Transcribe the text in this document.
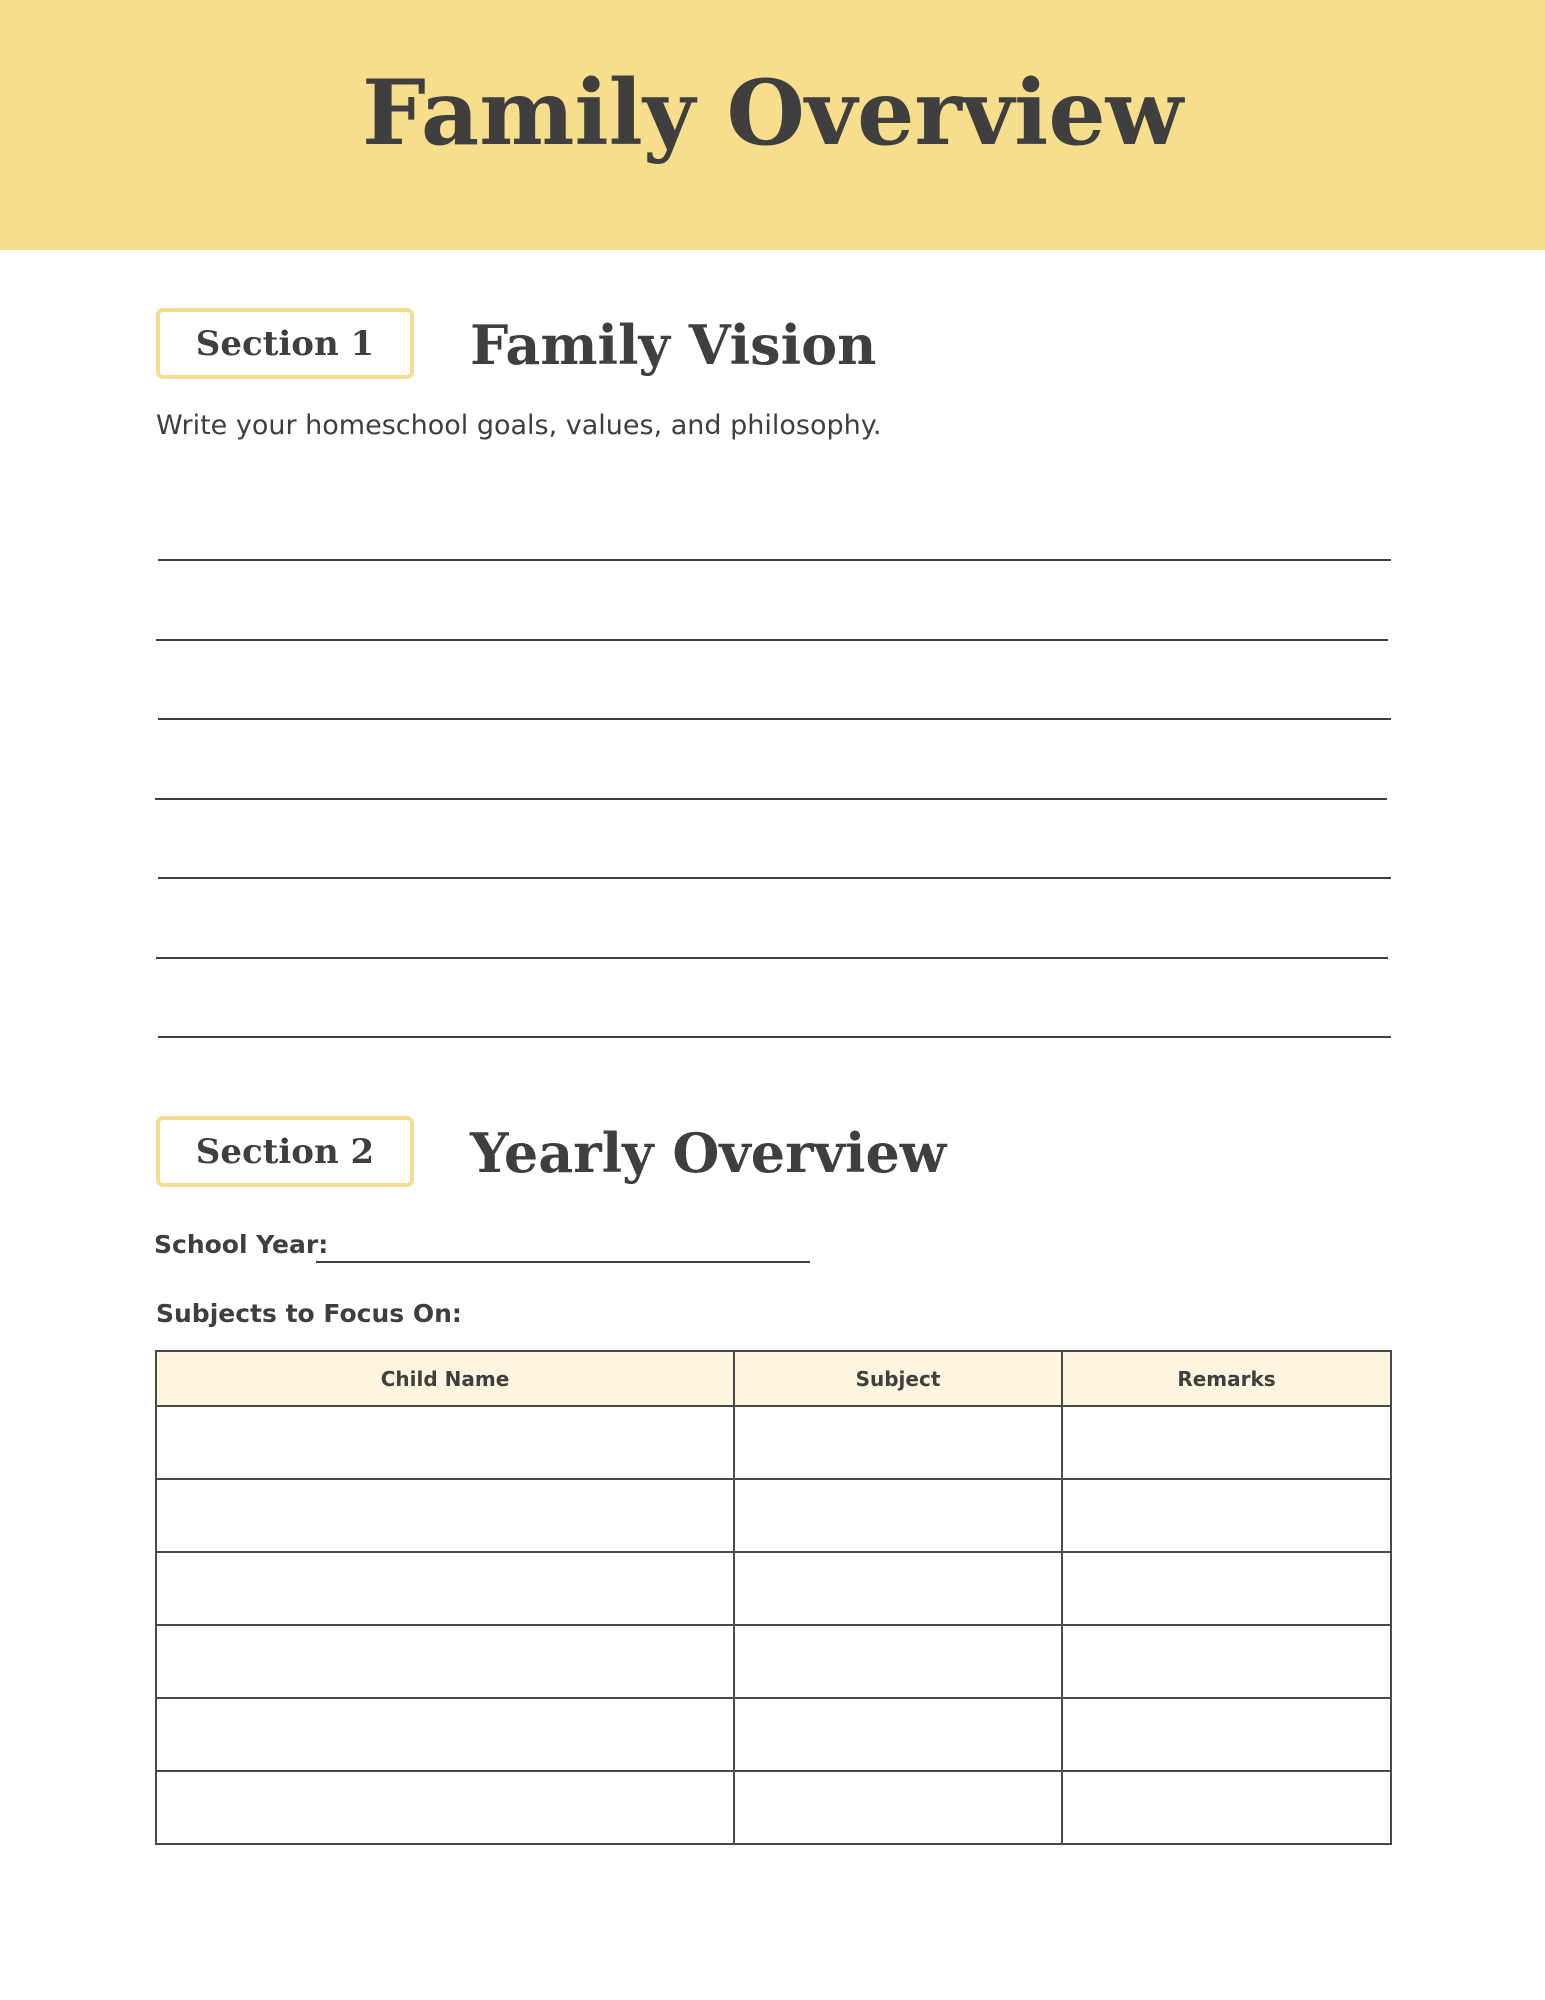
Family Overview
Section 1	Family Vision
Write your homeschool goals, values, and philosophy.
Section 2	Yearly Overview
School Year:
Subjects to Focus On:
Child Name	Subject	Remarks
